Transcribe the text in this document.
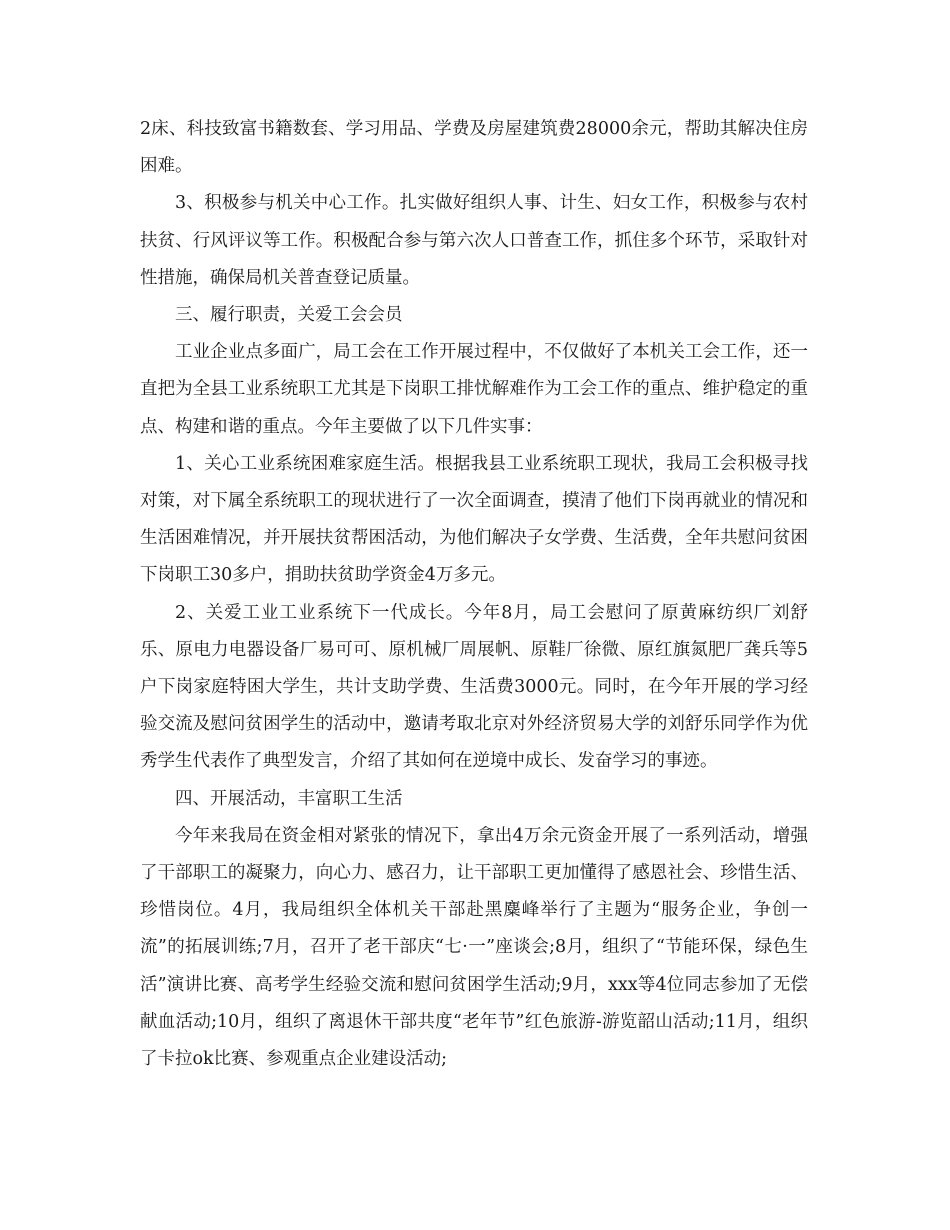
2床、科技致富书籍数套、学习用品、学费及房屋建筑费28000余元，帮助其解决住房困难。

3、积极参与机关中心工作。扎实做好组织人事、计生、妇女工作，积极参与农村扶贫、行风评议等工作。积极配合参与第六次人口普查工作，抓住多个环节，采取针对性措施，确保局机关普查登记质量。

三、履行职责，关爱工会会员

工业企业点多面广，局工会在工作开展过程中，不仅做好了本机关工会工作，还一直把为全县工业系统职工尤其是下岗职工排忧解难作为工会工作的重点、维护稳定的重点、构建和谐的重点。今年主要做了以下几件实事：

1、关心工业系统困难家庭生活。根据我县工业系统职工现状，我局工会积极寻找对策，对下属全系统职工的现状进行了一次全面调查，摸清了他们下岗再就业的情况和生活困难情况，并开展扶贫帮困活动，为他们解决子女学费、生活费，全年共慰问贫困下岗职工30多户，捐助扶贫助学资金4万多元。

2、关爱工业工业系统下一代成长。今年8月，局工会慰问了原黄麻纺织厂刘舒乐、原电力电器设备厂易可可、原机械厂周展帆、原鞋厂徐微、原红旗氮肥厂龚兵等5户下岗家庭特困大学生，共计支助学费、生活费3000元。同时，在今年开展的学习经验交流及慰问贫困学生的活动中，邀请考取北京对外经济贸易大学的刘舒乐同学作为优秀学生代表作了典型发言，介绍了其如何在逆境中成长、发奋学习的事迹。

四、开展活动，丰富职工生活

今年来我局在资金相对紧张的情况下，拿出4万余元资金开展了一系列活动，增强了干部职工的凝聚力，向心力、感召力，让干部职工更加懂得了感恩社会、珍惜生活、珍惜岗位。4月，我局组织全体机关干部赴黑麋峰举行了主题为“服务企业，争创一流”的拓展训练;7月，召开了老干部庆“七·一”座谈会;8月，组织了“节能环保，绿色生活”演讲比赛、高考学生经验交流和慰问贫困学生活动;9月，xxx等4位同志参加了无偿献血活动;10月，组织了离退休干部共度“老年节”红色旅游-游览韶山活动;11月，组织了卡拉ok比赛、参观重点企业建设活动;
